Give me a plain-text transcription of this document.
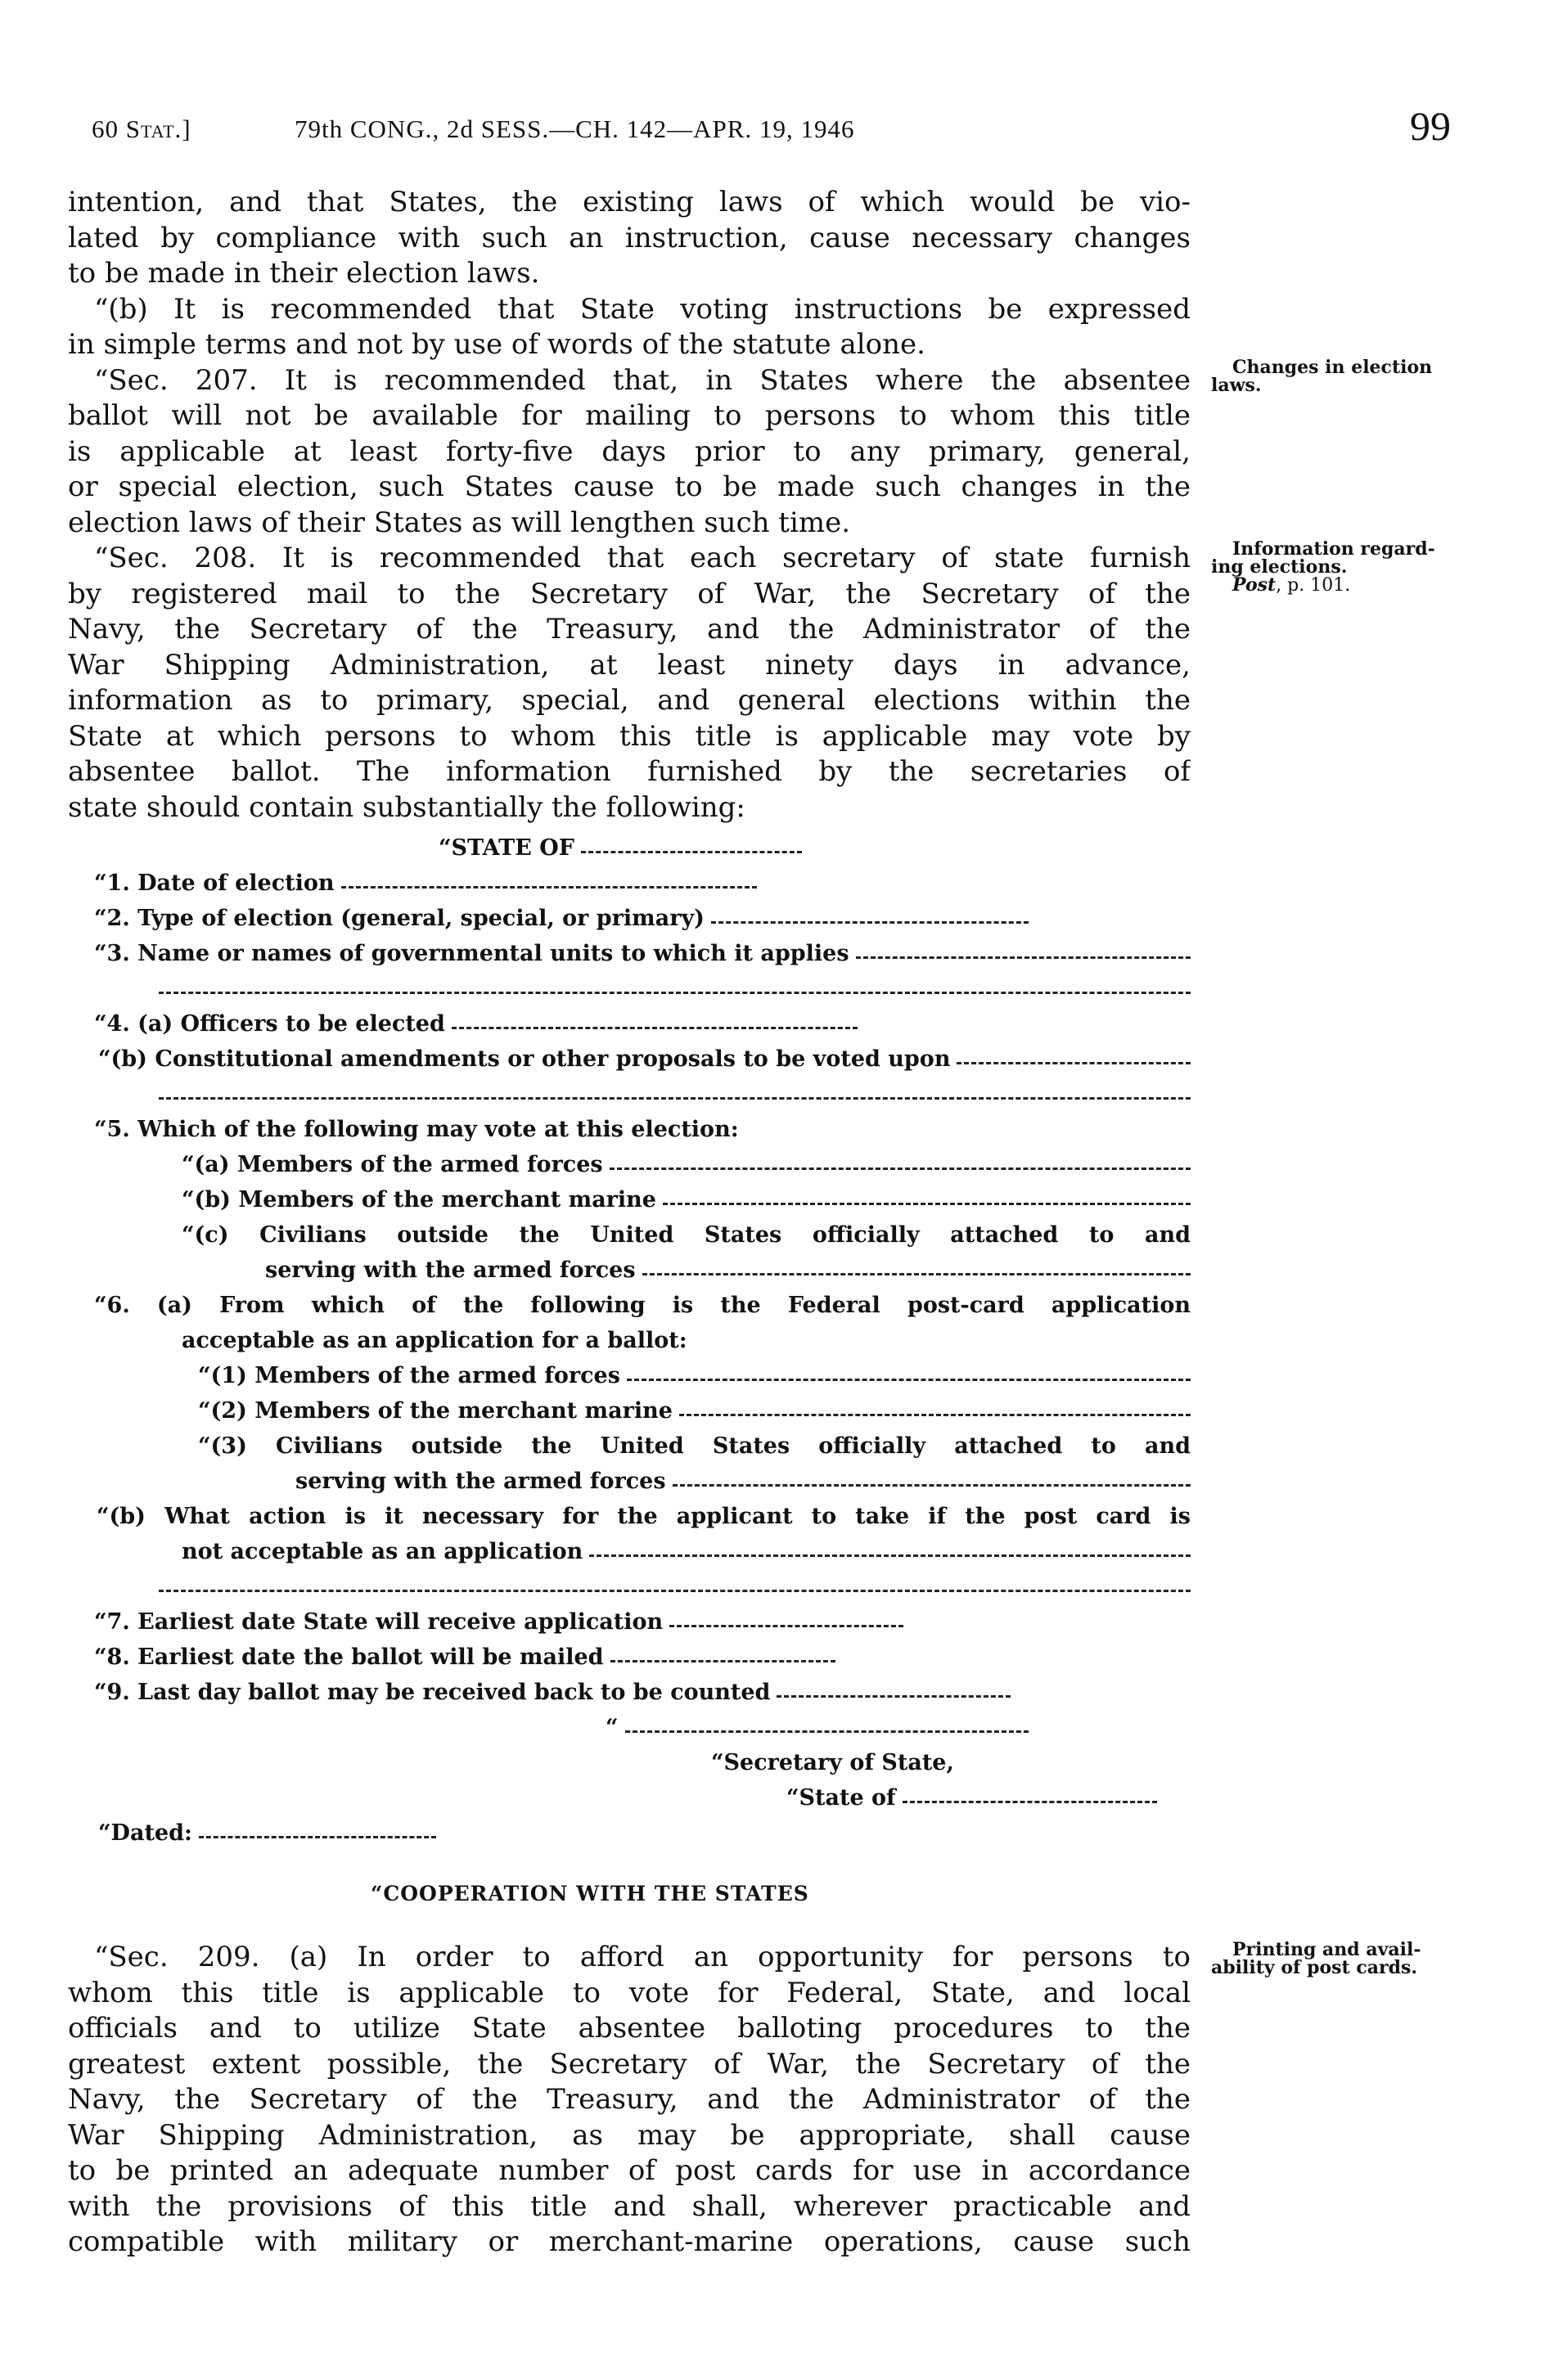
60 Stat.]	79th CONG., 2d SESS.—CH. 142—APR. 19, 1946	99
intention, and that States, the existing laws of which would be vio-
lated by compliance with such an instruction, cause necessary changes
to be made in their election laws.
“(b) It is recommended that State voting instructions be expressed
in simple terms and not by use of words of the statute alone.
“Sec. 207. It is recommended that, in States where the absentee
ballot will not be available for mailing to persons to whom this title
is applicable at least forty-five days prior to any primary, general,
or special election, such States cause to be made such changes in the
election laws of their States as will lengthen such time.
“Sec. 208. It is recommended that each secretary of state furnish
by registered mail to the Secretary of War, the Secretary of the
Navy, the Secretary of the Treasury, and the Administrator of the
War Shipping Administration, at least ninety days in advance,
information as to primary, special, and general elections within the
State at which persons to whom this title is applicable may vote by
absentee ballot. The information furnished by the secretaries of
state should contain substantially the following:
“STATE OF
“1. Date of election
“2. Type of election (general, special, or primary)
“3. Name or names of governmental units to which it applies
“4. (a) Officers to be elected
“(b) Constitutional amendments or other proposals to be voted upon
“5. Which of the following may vote at this election:
“(a) Members of the armed forces
“(b) Members of the merchant marine
“(c) Civilians outside the United States officially attached to and
serving with the armed forces
“6. (a) From which of the following is the Federal post-card application
acceptable as an application for a ballot:
“(1) Members of the armed forces
“(2) Members of the merchant marine
“(3) Civilians outside the United States officially attached to and
serving with the armed forces
“(b) What action is it necessary for the applicant to take if the post card is
not acceptable as an application
“7. Earliest date State will receive application
“8. Earliest date the ballot will be mailed
“9. Last day ballot may be received back to be counted
“
“Secretary of State,
“State of
“Dated:
“COOPERATION WITH THE STATES
“Sec. 209. (a) In order to afford an opportunity for persons to
whom this title is applicable to vote for Federal, State, and local
officials and to utilize State absentee balloting procedures to the
greatest extent possible, the Secretary of War, the Secretary of the
Navy, the Secretary of the Treasury, and the Administrator of the
War Shipping Administration, as may be appropriate, shall cause
to be printed an adequate number of post cards for use in accordance
with the provisions of this title and shall, wherever practicable and
compatible with military or merchant-marine operations, cause such
Changes in election
laws.
Information regard-
ing elections.
Post, p. 101.
Printing and avail-
ability of post cards.
